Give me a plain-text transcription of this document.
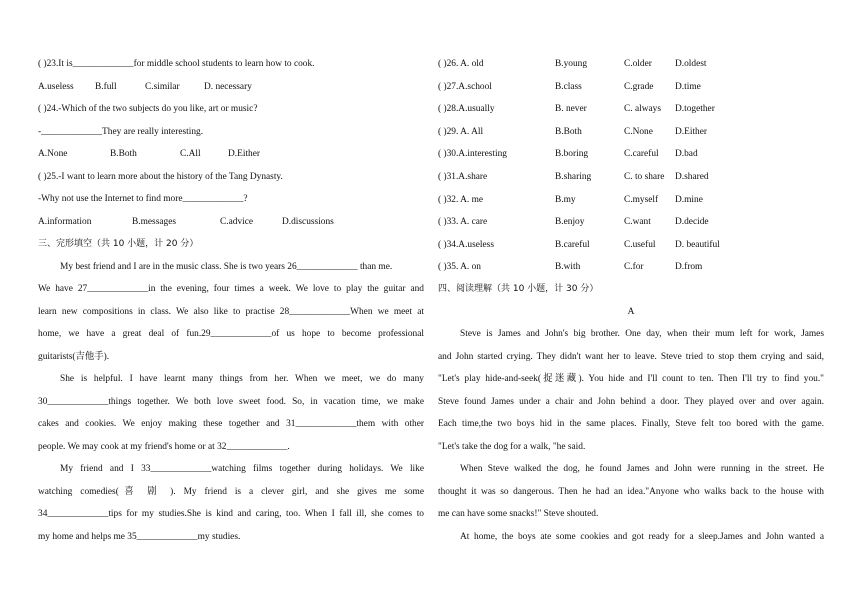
( )23.It is_____________for middle school students to learn how to cook.
A.useless B.full	C.similar	D. necessary
( )24.-Which of the two subjects do you like, art or music?
-_____________They are really interesting.
A.None	B.Both	C.All	D.Either
( )25.-I want to learn more about the history of the Tang Dynasty.
-Why not use the Internet to find more_____________?
A.information	B.messages	C.advice	D.discussions
三、完形填空（共 10 小题，计 20 分）
My best friend and I are in the music class. She is two years 26_____________ than me.
We have 27_____________in the evening, four times a week. We love to play the guitar and
learn new compositions in class. We also like to practise 28_____________When we meet at
home, we have a great deal of fun.29_____________of us hope to become professional
guitarists(吉他手).
She is helpful. I have learnt many things from her. When we meet, we do many
30_____________things together. We both love sweet food. So, in vacation time, we make
cakes and cookies. We enjoy making these together and 31_____________them with other
people. We may cook at my friend's home or at 32_____________.
My friend and I 33_____________watching films together during holidays. We like
watching comedies(喜 剧 ). My friend is a clever girl, and she gives me some
34_____________tips for my studies.She is kind and caring, too. When I fall ill, she comes to
my home and helps me 35_____________my studies.
( )26. A. old	B.young	C.older D.oldest
( )27.A.school	B.class	C.grade D.time
( )28.A.usually	B. never	C. always D.together
( )29. A. All	B.Both	C.None D.Either
( )30.A.interesting	B.boring	C.careful D.bad
( )31.A.share	B.sharing	C. to share D.shared
( )32. A. me	B.my	C.myself D.mine
( )33. A. care	B.enjoy	C.want	D.decide
( )34.A.useless	B.careful	C.useful D. beautiful
( )35. A. on	B.with	C.for	D.from
四、阅读理解（共 10 小题，计 30 分）
A
Steve is James and John's big brother. One day, when their mum left for work, James
and John started crying. They didn't want her to leave. Steve tried to stop them crying and said,
"Let's play hide-and-seek(捉迷藏). You hide and I'll count to ten. Then I'll try to find you."
Steve found James under a chair and John behind a door. They played over and over again.
Each time,the two boys hid in the same places. Finally, Steve felt too bored with the game.
"Let's take the dog for a walk, "he said.
When Steve walked the dog, he found James and John were running in the street. He
thought it was so dangerous. Then he had an idea."Anyone who walks back to the house with
me can have some snacks!" Steve shouted.
At home, the boys ate some cookies and got ready for a sleep.James and John wanted a
